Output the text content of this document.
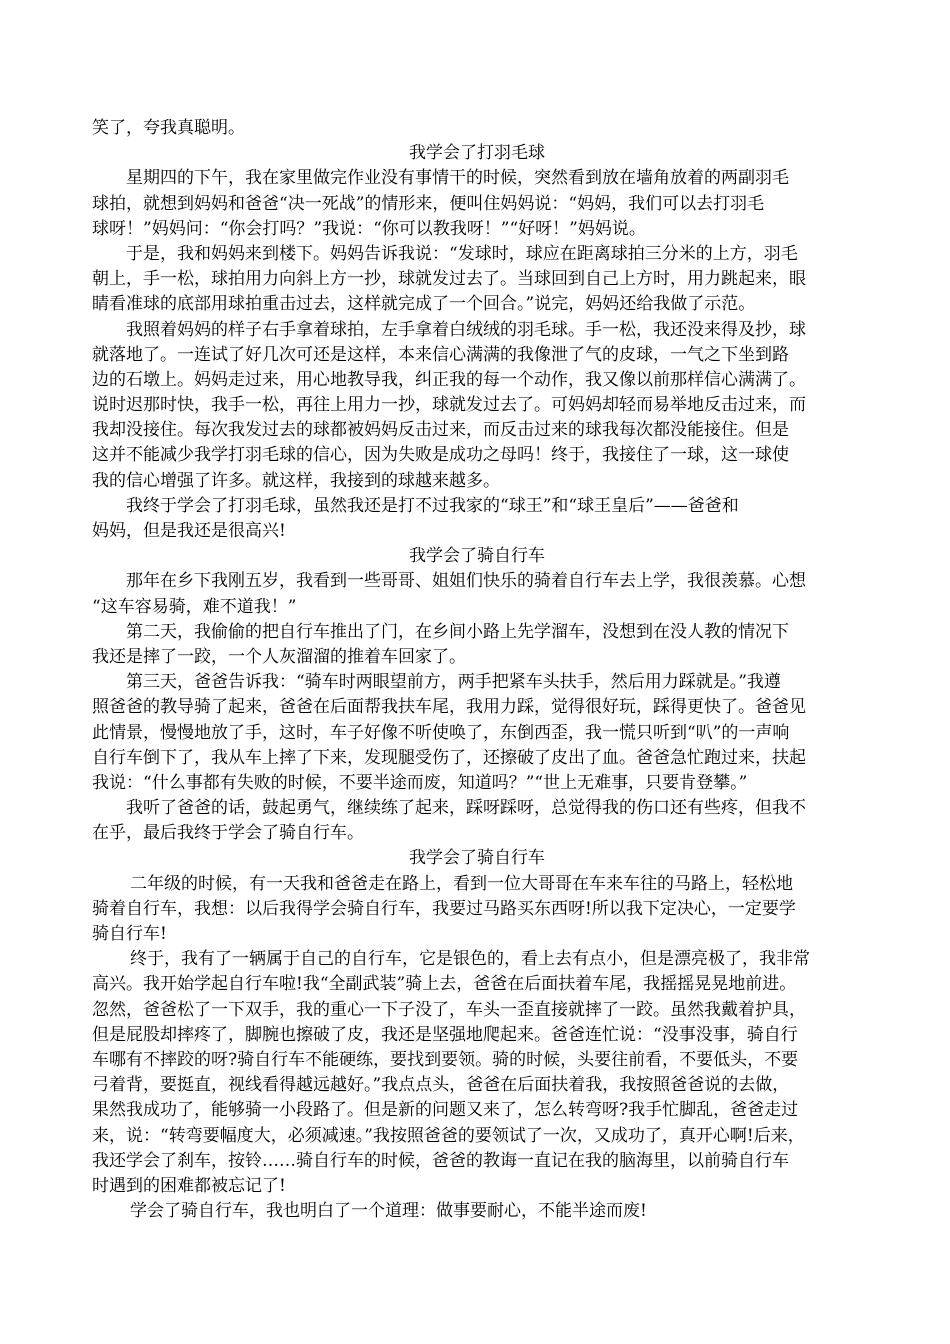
笑了，夸我真聪明。
我学会了打羽毛球
星期四的下午，我在家里做完作业没有事情干的时候，突然看到放在墙角放着的两副羽毛
球拍，就想到妈妈和爸爸“决一死战”的情形来，便叫住妈妈说：“妈妈，我们可以去打羽毛
球呀！”妈妈问：“你会打吗？”我说：“你可以教我呀！”“好呀！”妈妈说。
于是，我和妈妈来到楼下。妈妈告诉我说：“发球时，球应在距离球拍三分米的上方，羽毛
朝上，手一松，球拍用力向斜上方一抄，球就发过去了。当球回到自己上方时，用力跳起来，眼
睛看准球的底部用球拍重击过去，这样就完成了一个回合。”说完，妈妈还给我做了示范。
我照着妈妈的样子右手拿着球拍，左手拿着白绒绒的羽毛球。手一松，我还没来得及抄，球
就落地了。一连试了好几次可还是这样，本来信心满满的我像泄了气的皮球，一气之下坐到路
边的石墩上。妈妈走过来，用心地教导我，纠正我的每一个动作，我又像以前那样信心满满了。
说时迟那时快，我手一松，再往上用力一抄，球就发过去了。可妈妈却轻而易举地反击过来，而
我却没接住。每次我发过去的球都被妈妈反击过来，而反击过来的球我每次都没能接住。但是
这并不能减少我学打羽毛球的信心，因为失败是成功之母吗！终于，我接住了一球，这一球使
我的信心增强了许多。就这样，我接到的球越来越多。
我终于学会了打羽毛球，虽然我还是打不过我家的“球王”和“球王皇后”——爸爸和
妈妈，但是我还是很高兴!
我学会了骑自行车
那年在乡下我刚五岁，我看到一些哥哥、姐姐们快乐的骑着自行车去上学，我很羡慕。心想
“这车容易骑，难不道我！”
第二天，我偷偷的把自行车推出了门，在乡间小路上先学溜车，没想到在没人教的情况下
我还是摔了一跤，一个人灰溜溜的推着车回家了。
第三天，爸爸告诉我：“骑车时两眼望前方，两手把紧车头扶手，然后用力踩就是。”我遵
照爸爸的教导骑了起来，爸爸在后面帮我扶车尾，我用力踩，觉得很好玩，踩得更快了。爸爸见
此情景，慢慢地放了手，这时，车子好像不听使唤了，东倒西歪，我一慌只听到“叭”的一声响
自行车倒下了，我从车上摔了下来，发现腿受伤了，还擦破了皮出了血。爸爸急忙跑过来，扶起
我说：“什么事都有失败的时候，不要半途而废，知道吗？”“世上无难事，只要肯登攀。”
我听了爸爸的话，鼓起勇气，继续练了起来，踩呀踩呀，总觉得我的伤口还有些疼，但我不
在乎，最后我终于学会了骑自行车。
我学会了骑自行车
二年级的时候，有一天我和爸爸走在路上，看到一位大哥哥在车来车往的马路上，轻松地
骑着自行车，我想：以后我得学会骑自行车，我要过马路买东西呀!所以我下定决心，一定要学
骑自行车!
终于，我有了一辆属于自己的自行车，它是银色的，看上去有点小，但是漂亮极了，我非常
高兴。我开始学起自行车啦!我“全副武装”骑上去，爸爸在后面扶着车尾，我摇摇晃晃地前进。
忽然，爸爸松了一下双手，我的重心一下子没了，车头一歪直接就摔了一跤。虽然我戴着护具，
但是屁股却摔疼了，脚腕也擦破了皮，我还是坚强地爬起来。爸爸连忙说：“没事没事，骑自行
车哪有不摔跤的呀?骑自行车不能硬练，要找到要领。骑的时候，头要往前看，不要低头，不要
弓着背，要挺直，视线看得越远越好。”我点点头，爸爸在后面扶着我，我按照爸爸说的去做，
果然我成功了，能够骑一小段路了。但是新的问题又来了，怎么转弯呀?我手忙脚乱，爸爸走过
来，说：“转弯要幅度大，必须减速。”我按照爸爸的要领试了一次，又成功了，真开心啊!后来，
我还学会了刹车，按铃……骑自行车的时候，爸爸的教诲一直记在我的脑海里，以前骑自行车
时遇到的困难都被忘记了!
学会了骑自行车，我也明白了一个道理：做事要耐心，不能半途而废!
